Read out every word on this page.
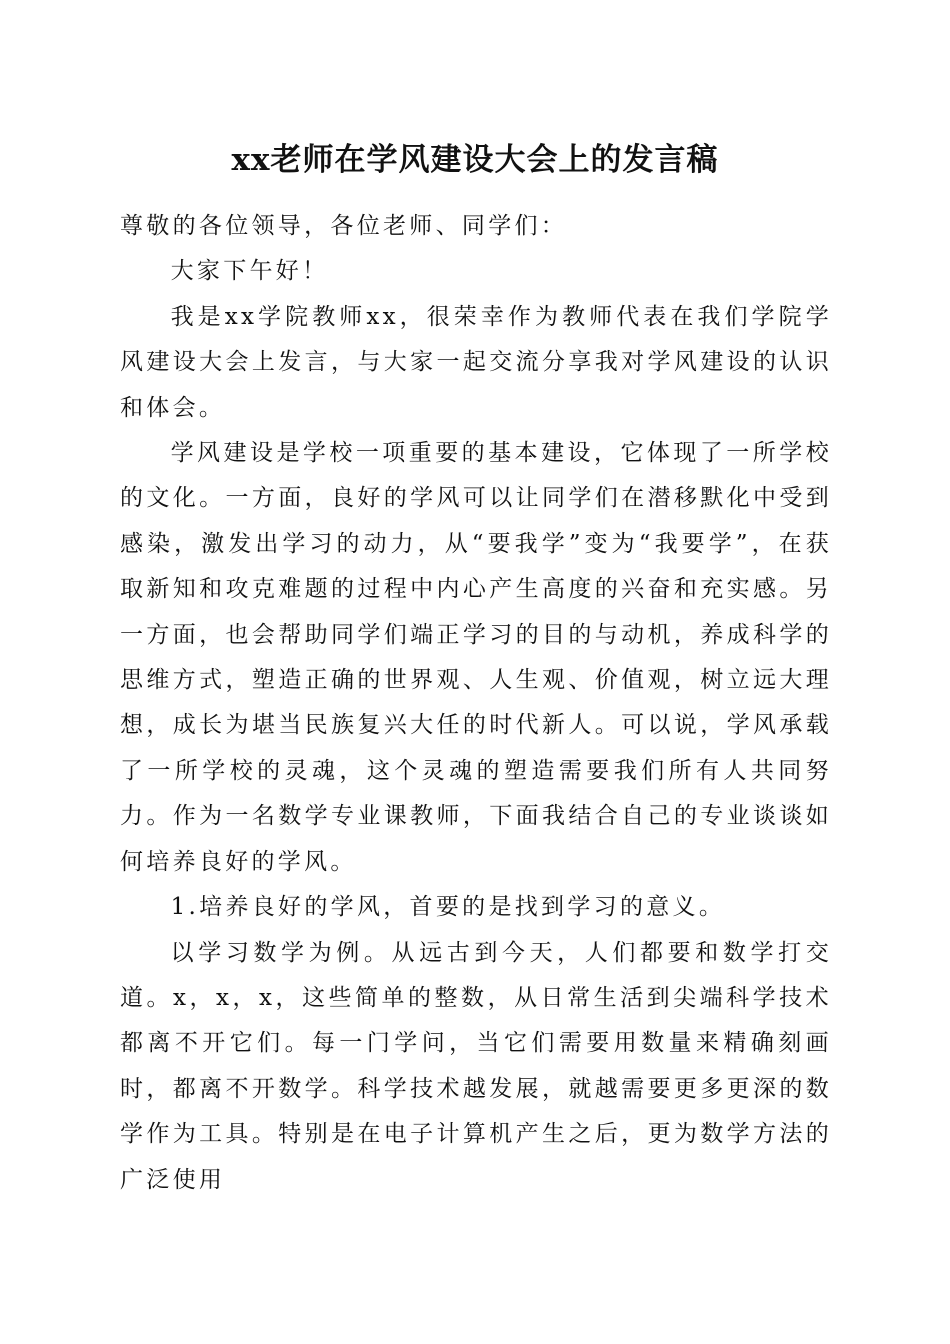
xx老师在学风建设大会上的发言稿

尊敬的各位领导，各位老师、同学们：

大家下午好！

我是xx学院教师xx，很荣幸作为教师代表在我们学院学风建设大会上发言，与大家一起交流分享我对学风建设的认识和体会。

学风建设是学校一项重要的基本建设，它体现了一所学校的文化。一方面，良好的学风可以让同学们在潜移默化中受到感染，激发出学习的动力，从“要我学”变为“我要学”，在获取新知和攻克难题的过程中内心产生高度的兴奋和充实感。另一方面，也会帮助同学们端正学习的目的与动机，养成科学的思维方式，塑造正确的世界观、人生观、价值观，树立远大理想，成长为堪当民族复兴大任的时代新人。可以说，学风承载了一所学校的灵魂，这个灵魂的塑造需要我们所有人共同努力。作为一名数学专业课教师，下面我结合自己的专业谈谈如何培养良好的学风。

1.培养良好的学风，首要的是找到学习的意义。

以学习数学为例。从远古到今天，人们都要和数学打交道。x，x，x，这些简单的整数，从日常生活到尖端科学技术都离不开它们。每一门学问，当它们需要用数量来精确刻画时，都离不开数学。科学技术越发展，就越需要更多更深的数学作为工具。特别是在电子计算机产生之后，更为数学方法的广泛使用
